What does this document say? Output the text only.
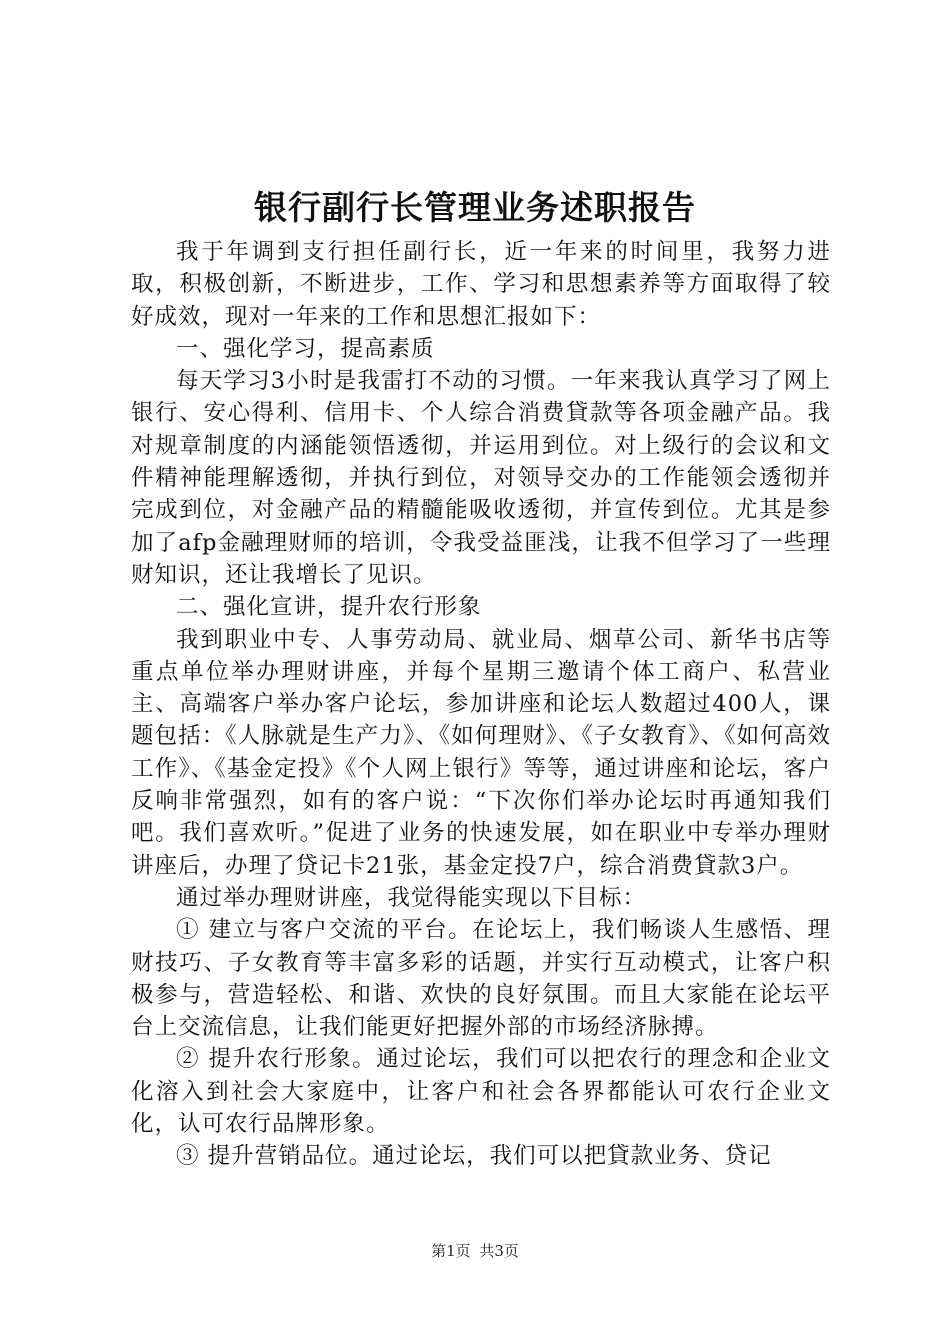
银行副行长管理业务述职报告

我于年调到支行担任副行长，近一年来的时间里，我努力进取，积极创新，不断进步，工作、学习和思想素养等方面取得了较好成效，现对一年来的工作和思想汇报如下：

一、强化学习，提高素质

每天学习3小时是我雷打不动的习惯。一年来我认真学习了网上银行、安心得利、信用卡、个人综合消费貸款等各项金融产品。我对规章制度的内涵能领悟透彻，并运用到位。对上级行的会议和文件精神能理解透彻，并执行到位，对领导交办的工作能领会透彻并完成到位，对金融产品的精髓能吸收透彻，并宣传到位。尤其是参加了afp金融理财师的培训，令我受益匪浅，让我不但学习了一些理财知识，还让我增长了见识。

二、强化宣讲，提升农行形象

我到职业中专、人事劳动局、就业局、烟草公司、新华书店等重点单位举办理财讲座，并每个星期三邀请个体工商户、私营业主、高端客户举办客户论坛，参加讲座和论坛人数超过400人，课题包括：《人脉就是生产力》、《如何理财》、《子女教育》、《如何高效工作》、《基金定投》《个人网上银行》等等，通过讲座和论坛，客户反响非常强烈，如有的客户说：“下次你们举办论坛时再通知我们吧。我们喜欢听。”促进了业务的快速发展，如在职业中专举办理财讲座后，办理了贷记卡21张，基金定投7户，综合消费貸款3户。

通过举办理财讲座，我觉得能实现以下目标：

① 建立与客户交流的平台。在论坛上，我们畅谈人生感悟、理财技巧、子女教育等丰富多彩的话题，并实行互动模式，让客户积极参与，营造轻松、和谐、欢快的良好氛围。而且大家能在论坛平台上交流信息，让我们能更好把握外部的市场经济脉搏。

② 提升农行形象。通过论坛，我们可以把农行的理念和企业文化溶入到社会大家庭中，让客户和社会各界都能认可农行企业文化，认可农行品牌形象。

③ 提升营销品位。通过论坛，我们可以把貸款业务、贷记

第1页 共3页
